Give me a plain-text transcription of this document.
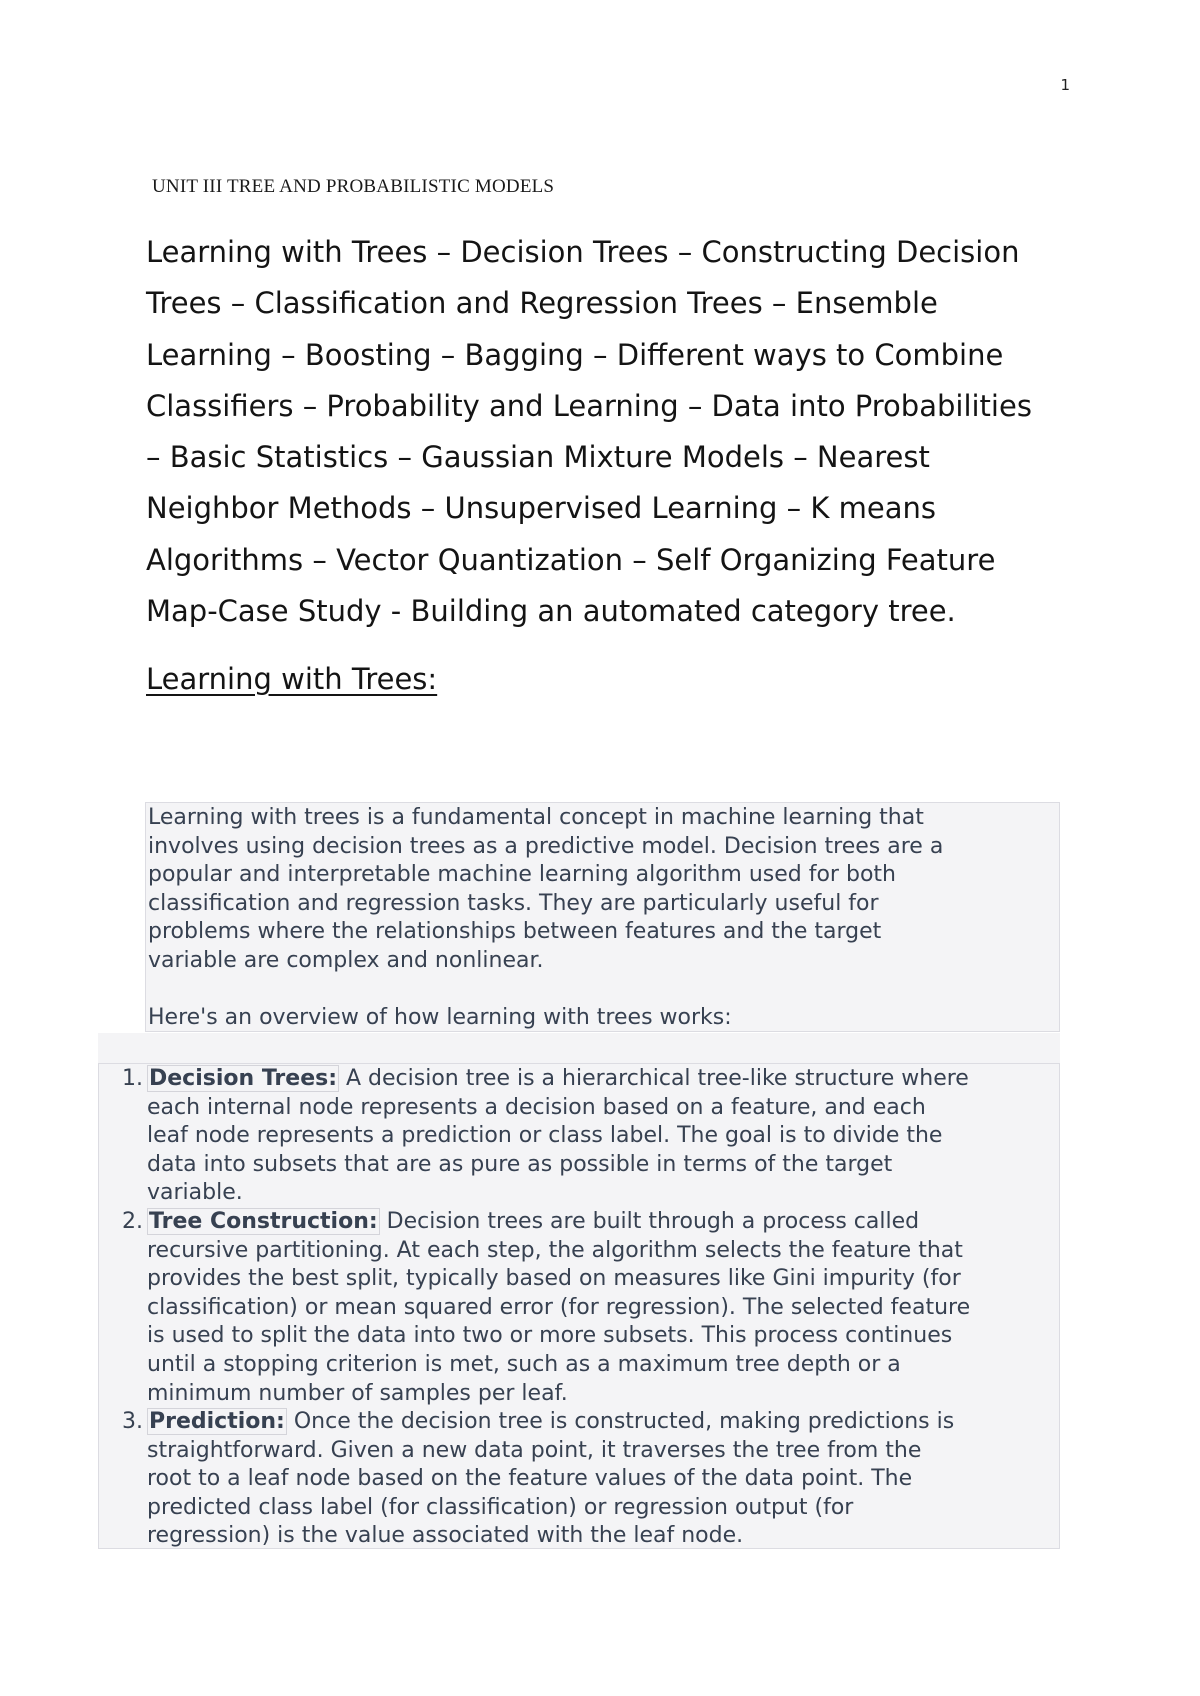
1
UNIT III TREE AND PROBABILISTIC MODELS
Learning with Trees – Decision Trees – Constructing Decision
Trees – Classification and Regression Trees – Ensemble
Learning – Boosting – Bagging – Different ways to Combine
Classifiers – Probability and Learning – Data into Probabilities
– Basic Statistics – Gaussian Mixture Models – Nearest
Neighbor Methods – Unsupervised Learning – K means
Algorithms – Vector Quantization – Self Organizing Feature
Map-Case Study - Building an automated category tree.
Learning with Trees:

Learning with trees is a fundamental concept in machine learning that

involves using decision trees as a predictive model. Decision trees are a

popular and interpretable machine learning algorithm used for both

classification and regression tasks. They are particularly useful for

problems where the relationships between features and the target

variable are complex and nonlinear.

Here's an overview of how learning with trees works:

1. Decision Trees: A decision tree is a hierarchical tree-like structure where
each internal node represents a decision based on a feature, and each
leaf node represents a prediction or class label. The goal is to divide the
data into subsets that are as pure as possible in terms of the target
variable.
2. Tree Construction: Decision trees are built through a process called
recursive partitioning. At each step, the algorithm selects the feature that
provides the best split, typically based on measures like Gini impurity (for
classification) or mean squared error (for regression). The selected feature
is used to split the data into two or more subsets. This process continues
until a stopping criterion is met, such as a maximum tree depth or a
minimum number of samples per leaf.
3. Prediction: Once the decision tree is constructed, making predictions is
straightforward. Given a new data point, it traverses the tree from the
root to a leaf node based on the feature values of the data point. The
predicted class label (for classification) or regression output (for
regression) is the value associated with the leaf node.
